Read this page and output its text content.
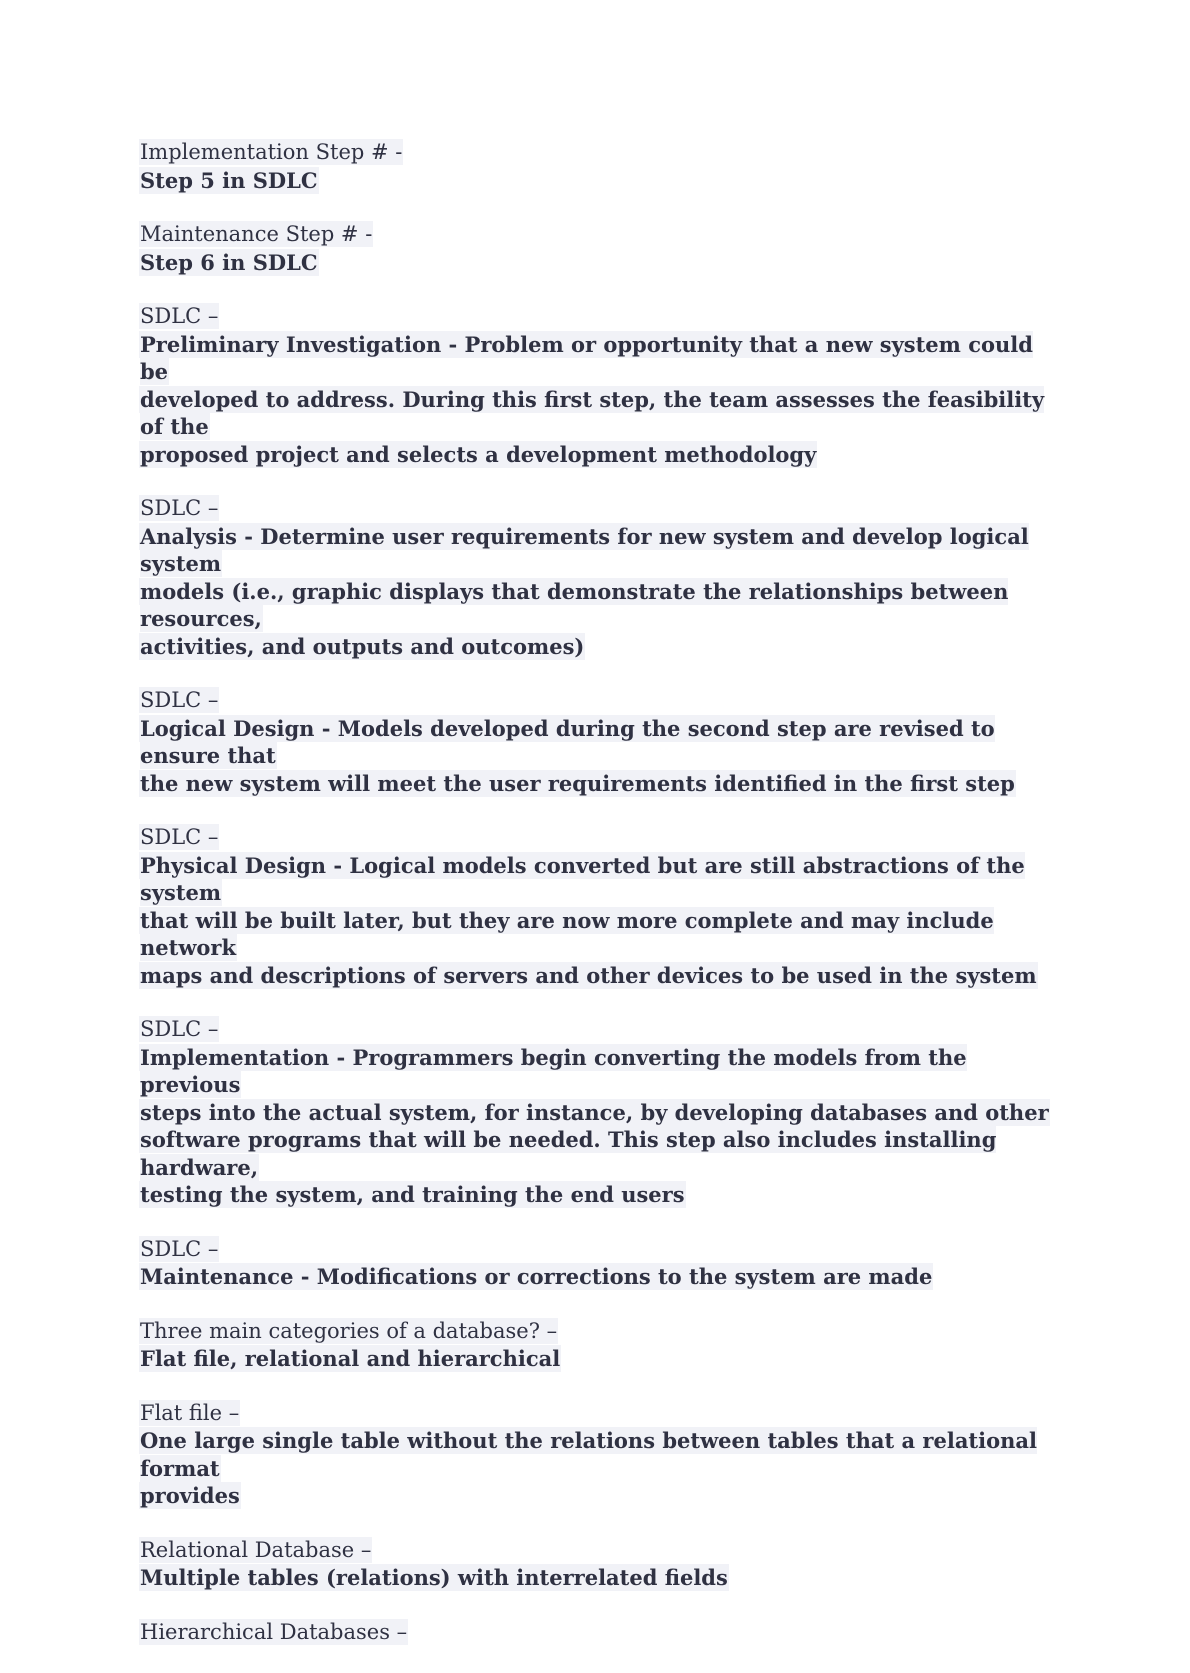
Implementation Step # -
Step 5 in SDLC
Maintenance Step # -
Step 6 in SDLC
SDLC –
Preliminary Investigation - Problem or opportunity that a new system could be
developed to address. During this first step, the team assesses the feasibility of the
proposed project and selects a development methodology
SDLC –
Analysis - Determine user requirements for new system and develop logical system
models (i.e., graphic displays that demonstrate the relationships between resources,
activities, and outputs and outcomes)
SDLC –
Logical Design - Models developed during the second step are revised to ensure that
the new system will meet the user requirements identified in the first step
SDLC –
Physical Design - Logical models converted but are still abstractions of the system
that will be built later, but they are now more complete and may include network
maps and descriptions of servers and other devices to be used in the system
SDLC –
Implementation - Programmers begin converting the models from the previous
steps into the actual system, for instance, by developing databases and other
software programs that will be needed. This step also includes installing hardware,
testing the system, and training the end users
SDLC –
Maintenance - Modifications or corrections to the system are made
Three main categories of a database? –
Flat file, relational and hierarchical
Flat file –
One large single table without the relations between tables that a relational format
provides
Relational Database –
Multiple tables (relations) with interrelated fields
Hierarchical Databases –
